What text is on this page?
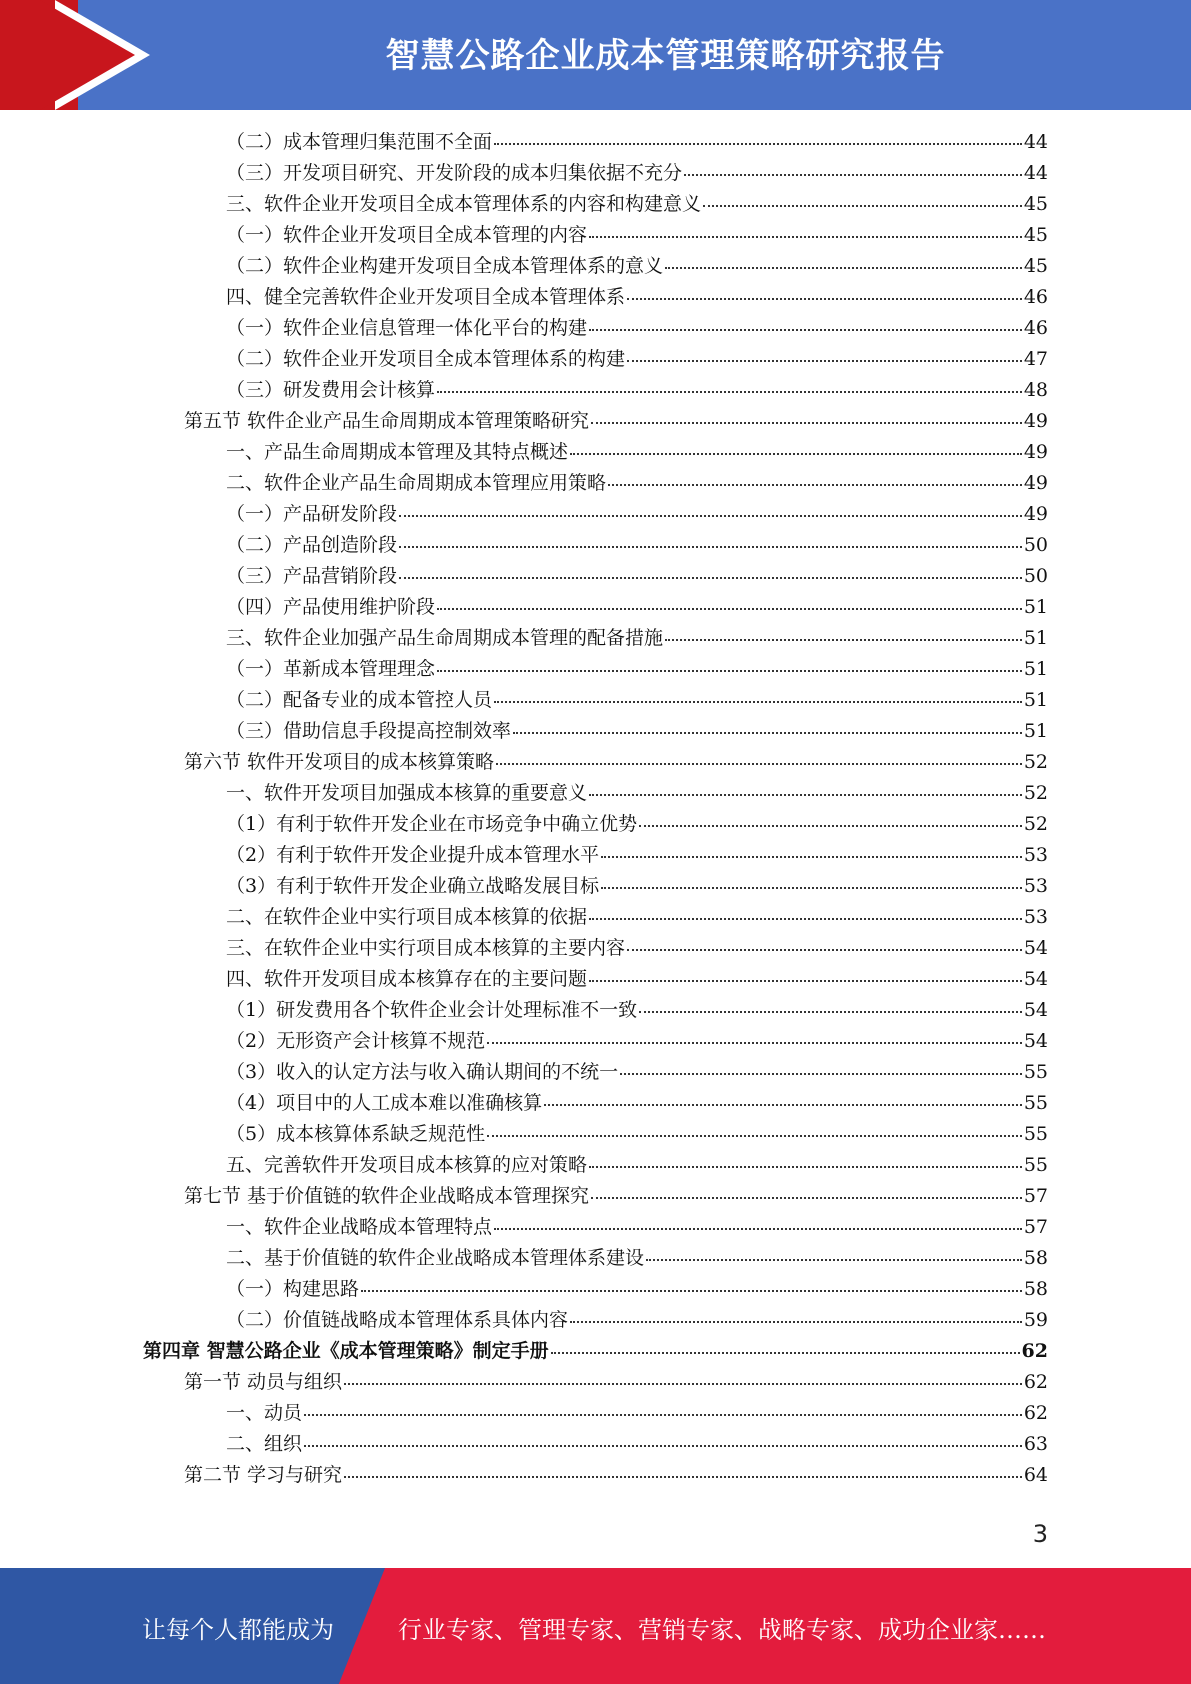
智慧公路企业成本管理策略研究报告
（二）成本管理归集范围不全面	44
（三）开发项目研究、开发阶段的成本归集依据不充分	44
三、软件企业开发项目全成本管理体系的内容和构建意义	45
（一）软件企业开发项目全成本管理的内容	45
（二）软件企业构建开发项目全成本管理体系的意义	45
四、健全完善软件企业开发项目全成本管理体系	46
（一）软件企业信息管理一体化平台的构建	46
（二）软件企业开发项目全成本管理体系的构建	47
（三）研发费用会计核算	48
第五节 软件企业产品生命周期成本管理策略研究	49
一、产品生命周期成本管理及其特点概述	49
二、软件企业产品生命周期成本管理应用策略	49
（一）产品研发阶段	49
（二）产品创造阶段	50
（三）产品营销阶段	50
（四）产品使用维护阶段	51
三、软件企业加强产品生命周期成本管理的配备措施	51
（一）革新成本管理理念	51
（二）配备专业的成本管控人员	51
（三）借助信息手段提高控制效率	51
第六节 软件开发项目的成本核算策略	52
一、软件开发项目加强成本核算的重要意义	52
（1）有利于软件开发企业在市场竞争中确立优势	52
（2）有利于软件开发企业提升成本管理水平	53
（3）有利于软件开发企业确立战略发展目标	53
二、在软件企业中实行项目成本核算的依据	53
三、在软件企业中实行项目成本核算的主要内容	54
四、软件开发项目成本核算存在的主要问题	54
（1）研发费用各个软件企业会计处理标准不一致	54
（2）无形资产会计核算不规范	54
（3）收入的认定方法与收入确认期间的不统一	55
（4）项目中的人工成本难以准确核算	55
（5）成本核算体系缺乏规范性	55
五、完善软件开发项目成本核算的应对策略	55
第七节 基于价值链的软件企业战略成本管理探究	57
一、软件企业战略成本管理特点	57
二、基于价值链的软件企业战略成本管理体系建设	58
（一）构建思路	58
（二）价值链战略成本管理体系具体内容	59
第四章 智慧公路企业《成本管理策略》制定手册	62
第一节 动员与组织	62
一、动员	62
二、组织	63
第二节 学习与研究	64
3
让每个人都能成为	行业专家、管理专家、营销专家、战略专家、成功企业家……
